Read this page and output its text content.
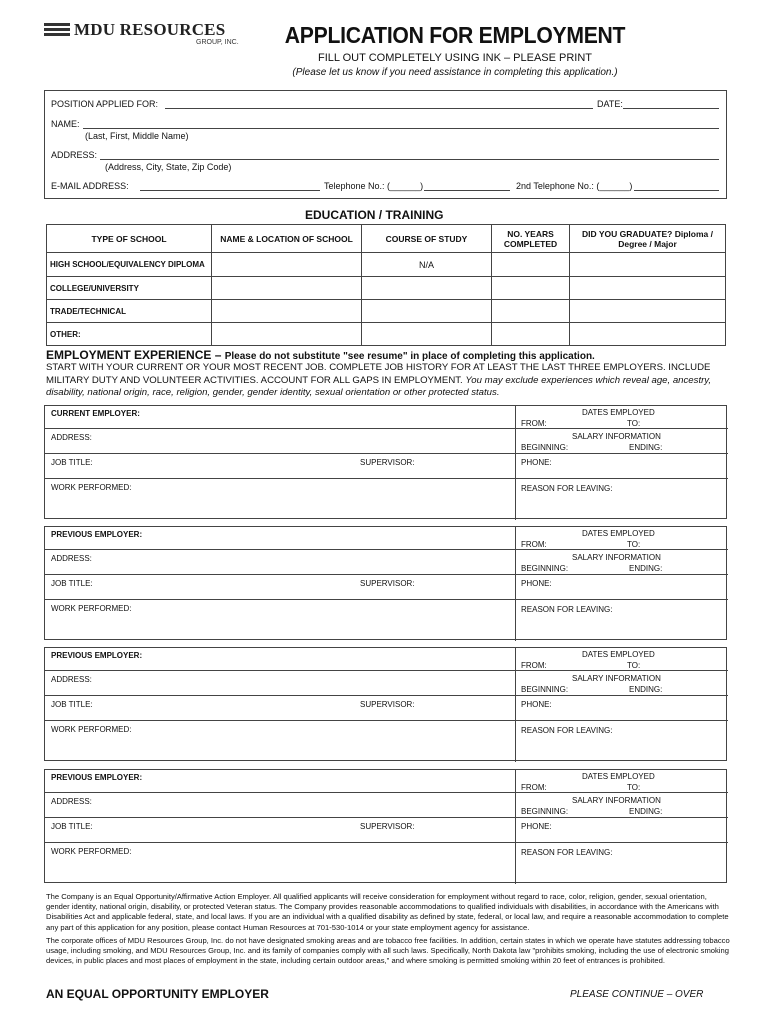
MDU RESOURCES
GROUP, INC.	APPLICATION FOR EMPLOYMENT
FILL OUT COMPLETELY USING INK – PLEASE PRINT
(Please let us know if you need assistance in completing this application.)
POSITION APPLIED FOR:	DATE:
NAME:
(Last, First, Middle Name)
ADDRESS:
(Address, City, State, Zip Code)
E-MAIL ADDRESS:	Telephone No.: (______)	2nd Telephone No.: (______)
EDUCATION / TRAINING
TYPE OF SCHOOL	NAME & LOCATION OF SCHOOL	COURSE OF STUDY	NO. YEARS COMPLETED	DID YOU GRADUATE? Diploma / Degree / Major
HIGH SCHOOL/EQUIVALENCY DIPLOMA		N/A		
COLLEGE/UNIVERSITY				
TRADE/TECHNICAL				
OTHER:				
EMPLOYMENT EXPERIENCE – Please do not substitute "see resume" in place of completing this application.
START WITH YOUR CURRENT OR YOUR MOST RECENT JOB. COMPLETE JOB HISTORY FOR AT LEAST THE LAST THREE EMPLOYERS. INCLUDE MILITARY DUTY AND VOLUNTEER ACTIVITIES. ACCOUNT FOR ALL GAPS IN EMPLOYMENT. You may exclude experiences which reveal age, ancestry, disability, national origin, race, religion, gender, gender identity, sexual orientation or other protected status.
CURRENT EMPLOYER:
ADDRESS:
JOB TITLE:	SUPERVISOR:
WORK PERFORMED:
DATES EMPLOYED
FROM:	TO:
SALARY INFORMATION
BEGINNING:	ENDING:
PHONE:
REASON FOR LEAVING:
PREVIOUS EMPLOYER:
ADDRESS:
JOB TITLE:	SUPERVISOR:
WORK PERFORMED:
DATES EMPLOYED
FROM:	TO:
SALARY INFORMATION
BEGINNING:	ENDING:
PHONE:
REASON FOR LEAVING:
PREVIOUS EMPLOYER:
ADDRESS:
JOB TITLE:	SUPERVISOR:
WORK PERFORMED:
DATES EMPLOYED
FROM:	TO:
SALARY INFORMATION
BEGINNING:	ENDING:
PHONE:
REASON FOR LEAVING:
PREVIOUS EMPLOYER:
ADDRESS:
JOB TITLE:	SUPERVISOR:
WORK PERFORMED:
DATES EMPLOYED
FROM:	TO:
SALARY INFORMATION
BEGINNING:	ENDING:
PHONE:
REASON FOR LEAVING:

The Company is an Equal Opportunity/Affirmative Action Employer. All qualified applicants will receive consideration for employment without regard to race, color, religion, gender, sexual orientation, gender identity, national origin, disability, or protected Veteran status. The Company provides reasonable accommodations to qualified individuals with disabilities, in accordance with the Americans with Disabilities Act and applicable federal, state, and local laws. If you are an individual with a qualified disability as defined by state, federal, or local law, and require a reasonable accommodation to complete any part of this application for any position, please contact Human Resources at 701-530-1014 or your state employment agency for assistance.

The corporate offices of MDU Resources Group, Inc. do not have designated smoking areas and are tobacco free facilities. In addition, certain states in which we operate have statutes addressing tobacco usage, including smoking, and MDU Resources Group, Inc. and its family of companies comply with all such laws. Specifically, North Dakota law "prohibits smoking, including the use of electronic smoking devices, in public places and most places of employment in the state, including certain outdoor areas," and where smoking is permitted smoking within 20 feet of entrances is prohibited.

AN EQUAL OPPORTUNITY EMPLOYER	PLEASE CONTINUE – OVER
